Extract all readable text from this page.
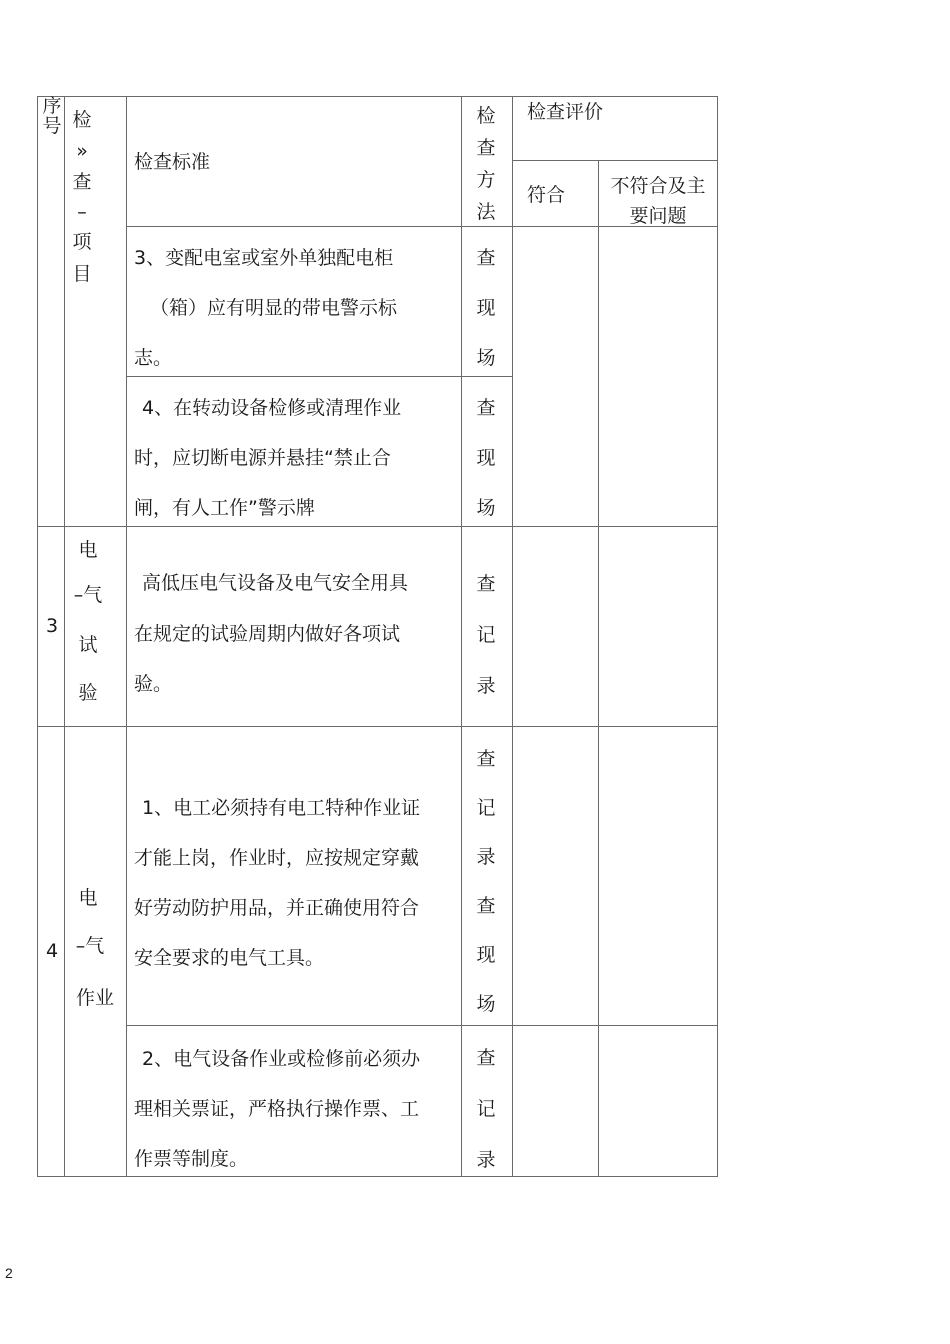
序
号 检
»
查
–
项
目
检查标准
检
查
方
法
检查评价
符合	不符合及主
要问题
3、变配电室或室外单独配电柜
（箱）应有明显的带电警示标
志。
查
现
场
4、在转动设备检修或清理作业
时，应切断电源并悬挂“禁止合
闸，有人工作”警示牌
查
现
场
3
电
–气
试
验
高低压电气设备及电气安全用具
在规定的试验周期内做好各项试
验。
查
记
录
4
电
–气
作业
1、电工必须持有电工特种作业证
才能上岗，作业时，应按规定穿戴
好劳动防护用品，并正确使用符合
安全要求的电气工具。
查
记
录
查
现
场
2、电气设备作业或检修前必须办
理相关票证，严格执行操作票、工
作票等制度。
查
记
录
2
